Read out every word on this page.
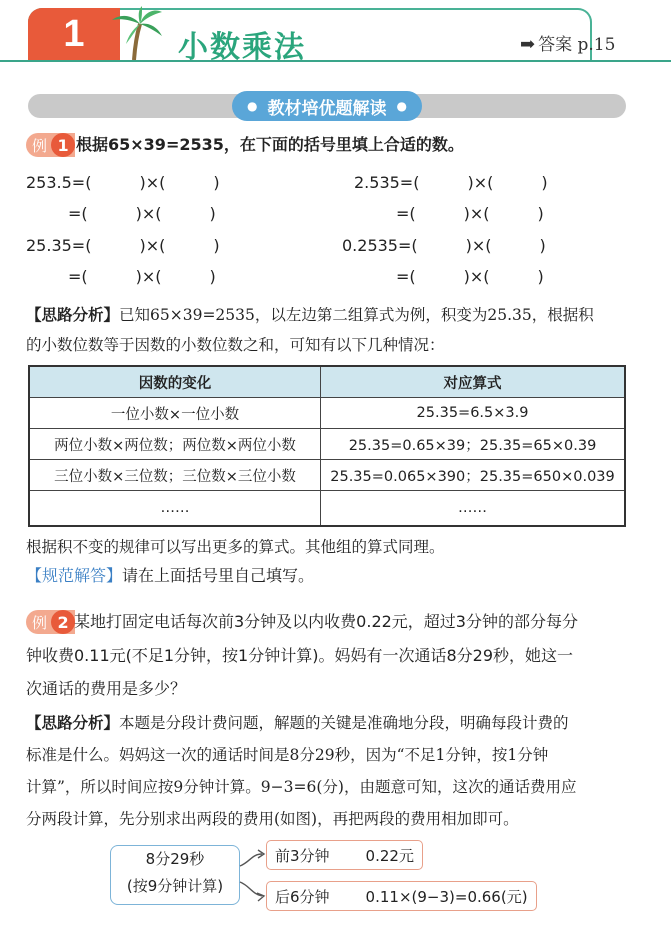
1	小数乘法	➡ 答案 p.15
● 教材培优题解读 ●
例 1 根据65×39=2535，在下面的括号里填上合适的数。
253.5=(　　　)×(　　　)	2.535=(　　　)×(　　　)
=(　　　)×(　　　)	=(　　　)×(　　　)
25.35=(　　　)×(　　　)	0.2535=(　　　)×(　　　)
=(　　　)×(　　　)	=(　　　)×(　　　)
【思路分析】已知65×39=2535，以左边第二组算式为例，积变为25.35，根据积
的小数位数等于因数的小数位数之和，可知有以下几种情况：
因数的变化	对应算式
一位小数×一位小数	25.35=6.5×3.9
两位小数×两位数；两位数×两位小数	25.35=0.65×39；25.35=65×0.39
三位小数×三位数；三位数×三位小数	25.35=0.065×390；25.35=650×0.039
……	……
根据积不变的规律可以写出更多的算式。其他组的算式同理。
【规范解答】请在上面括号里自己填写。
例 2 某地打固定电话每次前3分钟及以内收费0.22元，超过3分钟的部分每分
钟收费0.11元(不足1分钟，按1分钟计算)。妈妈有一次通话8分29秒，她这一
次通话的费用是多少？
【思路分析】本题是分段计费问题，解题的关键是准确地分段，明确每段计费的
标准是什么。妈妈这一次的通话时间是8分29秒，因为“不足1分钟，按1分钟
计算”，所以时间应按9分钟计算。9−3=6(分)，由题意可知，这次的通话费用应
分两段计算，先分别求出两段的费用(如图)，再把两段的费用相加即可。
8分29秒
(按9分钟计算)
前3分钟 0.22元
后6分钟 0.11×(9−3)=0.66(元)
